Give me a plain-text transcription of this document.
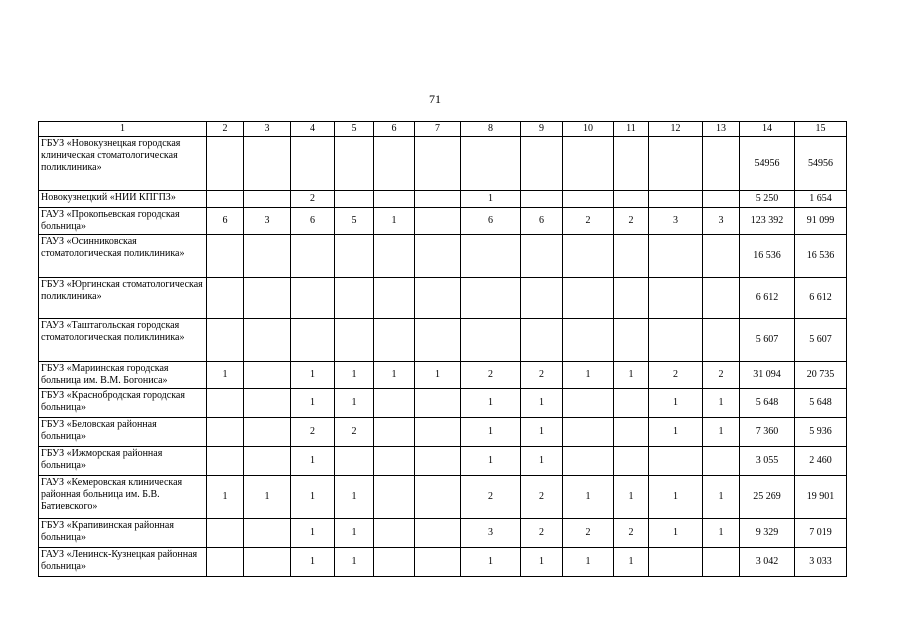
71
1	2	3	4	5	6	7	8	9	10	11	12	13	14	15
ГБУЗ «Новокузнецкая городская клиническая стоматологическая поликлиника»													54956	54956
Новокузнецкий «НИИ КПГПЗ»			2				1						5 250	1 654
ГАУЗ «Прокопьевская городская больница»	6	3	6	5	1		6	6	2	2	3	3	123 392	91 099
ГАУЗ «Осинниковская стоматологическая поликлиника»													16 536	16 536
ГБУЗ «Юргинская стоматологическая поликлиника»													6 612	6 612
ГАУЗ «Таштагольская городская стоматологическая поликлиника»													5 607	5 607
ГБУЗ «Мариинская городская больница им. В.М. Богониса»	1		1	1	1	1	2	2	1	1	2	2	31 094	20 735
ГБУЗ «Краснобродская городская больница»			1	1			1	1			1	1	5 648	5 648
ГБУЗ «Беловская районная больница»			2	2			1	1			1	1	7 360	5 936
ГБУЗ «Ижморская районная больница»			1				1	1					3 055	2 460
ГАУЗ «Кемеровская клиническая районная больница им. Б.В. Батиевского»	1	1	1	1			2	2	1	1	1	1	25 269	19 901
ГБУЗ «Крапивинская районная больница»			1	1			3	2	2	2	1	1	9 329	7 019
ГАУЗ «Ленинск-Кузнецкая районная больница»			1	1			1	1	1	1			3 042	3 033
